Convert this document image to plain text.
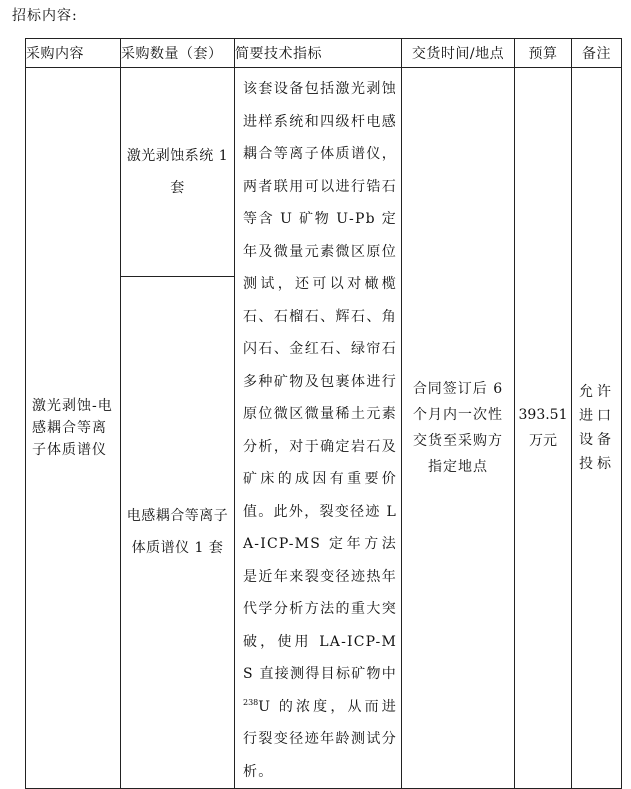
招标内容:
采购内容	采购数量（套）	简要技术指标	交货时间/地点	预算	备注
激光剥蚀-电感耦合等离子体质谱仪	激光剥蚀系统 1 套	该套设备包括激光剥蚀进样系统和四级杆电感耦合等离子体质谱仪，两者联用可以进行锆石等含 U 矿物 U-Pb 定年及微量元素微区原位测试，还可以对橄榄石、石榴石、辉石、角闪石、金红石、绿帘石多种矿物及包裹体进行原位微区微量稀土元素分析，对于确定岩石及矿床的成因有重要价值。此外，裂变径迹 LA-ICP-MS 定年方法是近年来裂变径迹热年代学分析方法的重大突破，使用 LA-ICP-MS 直接测得目标矿物中 $^{238}$U 的浓度，从而进行裂变径迹年龄测试分析。	合同签订后 6 个月内一次性交货至采购方指定地点	393.51 万元	允许进口设备投标
	电感耦合等离子体质谱仪 1 套				
